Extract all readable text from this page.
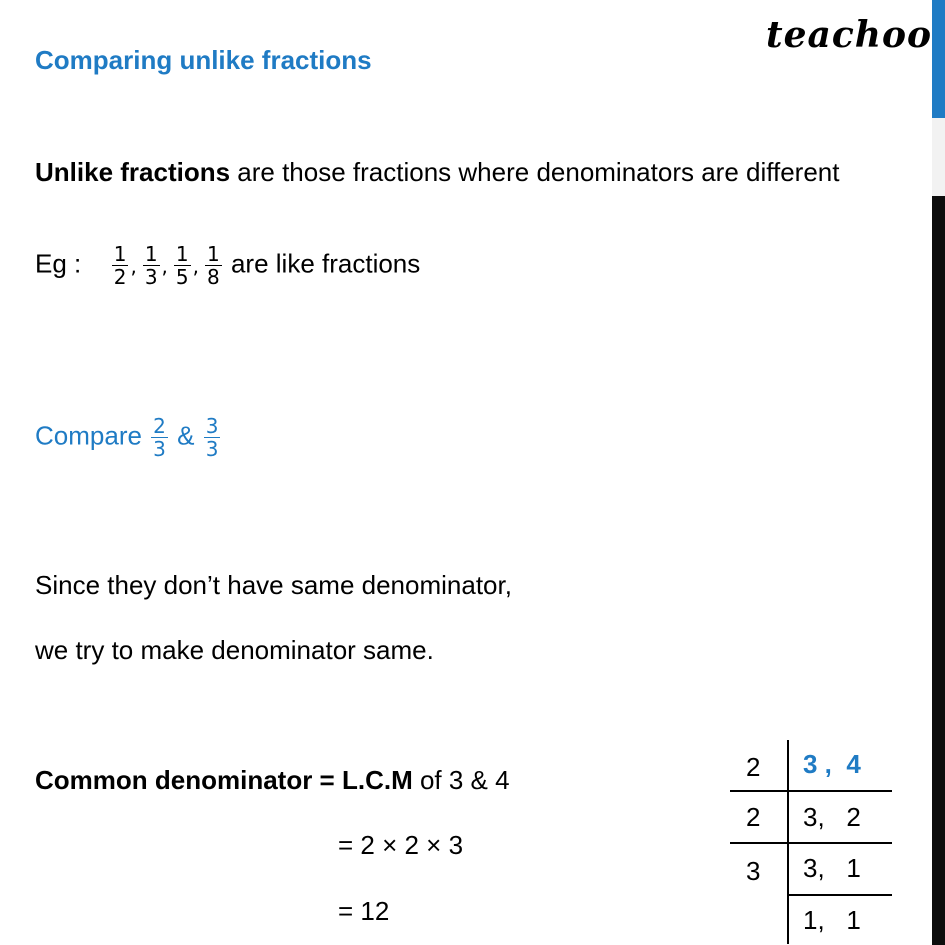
teachoo
Comparing unlike fractions
Unlike fractions are those fractions where denominators are different
Eg : $\frac{1}{2}$ , $\frac{1}{3}$ , $\frac{1}{5}$ , $\frac{1}{8}$ are like fractions
Compare $\frac{2}{3}$ & $\frac{3}{3}$
Since they don’t have same denominator,
we try to make denominator same.
Common denominator = L.C.M of 3 & 4
= 2 × 2 × 3
= 12
2
2
3
3 ,  4
3,   2
3,   1
1,   1
